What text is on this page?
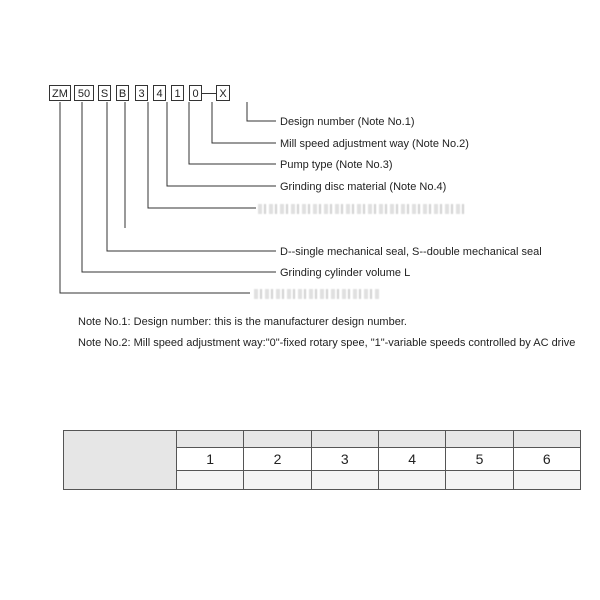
ZM 50 S B	3	4	1	0	X
Design number (Note No.1)
Mill speed adjustment way (Note No.2)
Pump type (Note No.3)
Grinding disc material (Note No.4)
D--single mechanical seal, S--double mechanical seal
Grinding cylinder volume L
Note No.1: Design number: this is the manufacturer design number.
Note No.2: Mill speed adjustment way:"0"-fixed rotary spee, "1"-variable speeds controlled by AC drive

	1	2	3	4	5	6
